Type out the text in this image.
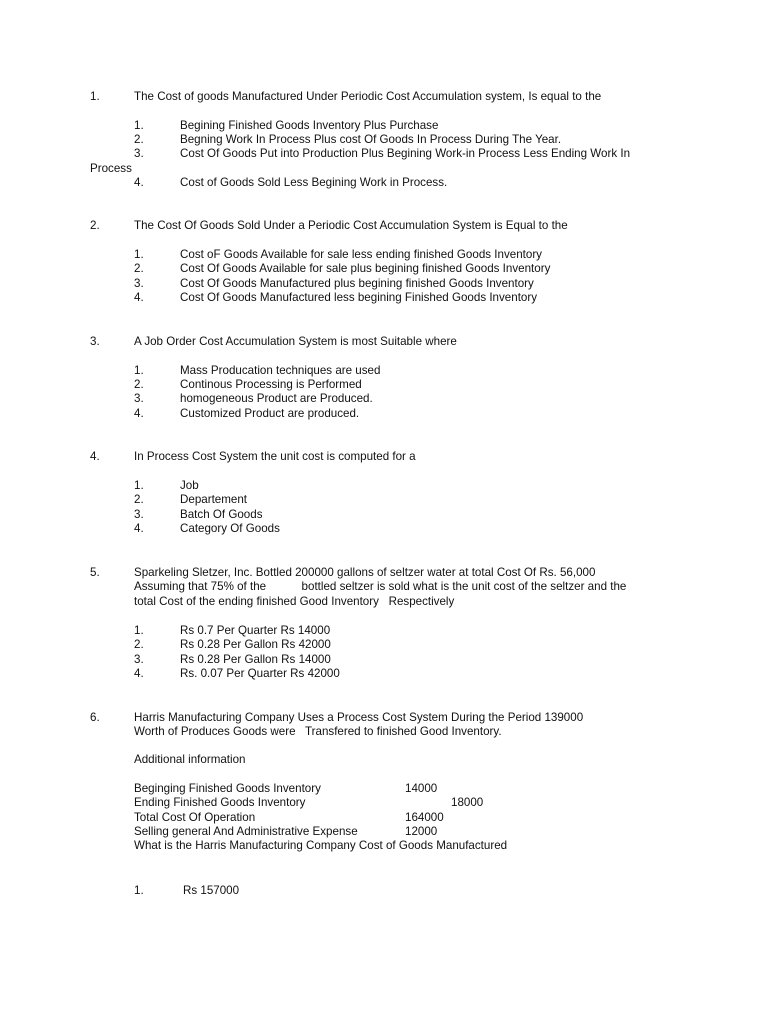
1.	The Cost of goods Manufactured Under Periodic Cost Accumulation system, Is equal to the
1.	Begining Finished Goods Inventory Plus Purchase
2.	Begning Work In Process Plus cost Of Goods In Process During The Year.
3.	Cost Of Goods Put into Production Plus Begining Work-in Process Less Ending Work In
Process
4.	Cost of Goods Sold Less Begining Work in Process.
2.	The Cost Of Goods Sold Under a Periodic Cost Accumulation System is Equal to the
1.	Cost oF Goods Available for sale less ending finished Goods Inventory
2.	Cost Of Goods Available for sale plus begining finished Goods Inventory
3.	Cost Of Goods Manufactured plus begining finished Goods Inventory
4.	Cost Of Goods Manufactured less begining Finished Goods Inventory
3.	A Job Order Cost Accumulation System is most Suitable where
1.	Mass Producation techniques are used
2.	Continous Processing is Performed
3.	homogeneous Product are Produced.
4.	Customized Product are produced.
4.	In Process Cost System the unit cost is computed for a
1.	Job
2.	Departement
3.	Batch Of Goods
4.	Category Of Goods
5.	Sparkeling Sletzer, Inc. Bottled 200000 gallons of seltzer water at total Cost Of Rs. 56,000
Assuming that 75% of the           bottled seltzer is sold what is the unit cost of the seltzer and the
total Cost of the ending finished Good Inventory   Respectively
1.	Rs 0.7 Per Quarter Rs 14000
2.	Rs 0.28 Per Gallon Rs 42000
3.	Rs 0.28 Per Gallon Rs 14000
4.	Rs. 0.07 Per Quarter Rs 42000
6.	Harris Manufacturing Company Uses a Process Cost System During the Period 139000
Worth of Produces Goods were   Transfered to finished Good Inventory.
Additional information
Beginging Finished Goods Inventory	14000
Ending Finished Goods Inventory	18000
Total Cost Of Operation	164000
Selling general And Administrative Expense	12000
What is the Harris Manufacturing Company Cost of Goods Manufactured
1.	Rs 157000
